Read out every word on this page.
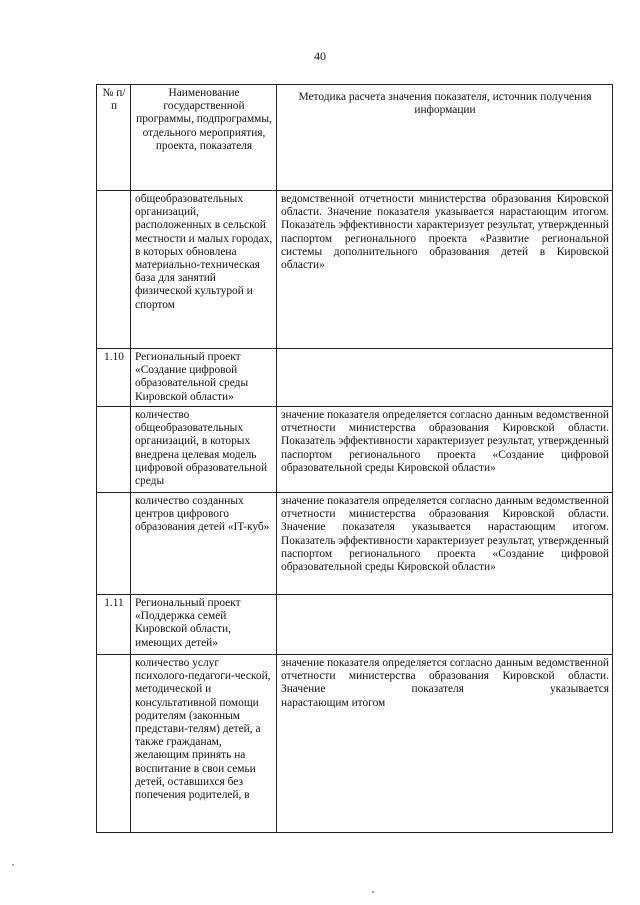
40
№ п/п	Наименование государственной программы, подпрограммы, отдельного мероприятия, проекта, показателя	Методика расчета значения показателя, источник получения информации
	общеобразовательных организаций, расположенных в сельской местности и малых городах, в которых обновлена материально-техническая база для занятий физической культурой и спортом	ведомственной отчетности министерства образования Кировской области. Значение показателя указывается нарастающим итогом. Показатель эффективности характеризует результат, утвержденный паспортом регионального проекта «Развитие региональной системы дополнительного образования детей в Кировской
области»

1.10	Региональный проект «Создание цифровой образовательной среды Кировской области»	

	количество общеобразовательных организаций, в которых внедрена целевая модель цифровой образовательной среды	значение показателя определяется согласно данным ведомственной отчетности министерства образования Кировской области. Показатель эффективности характеризует результат, утвержденный паспортом регионального проекта «Создание цифровой
образовательной среды Кировской области»

	количество созданных центров цифрового образования детей «IT-куб»	значение показателя определяется согласно данным ведомственной отчетности министерства образования Кировской области. Значение показателя указывается нарастающим итогом. Показатель эффективности характеризует результат, утвержденный паспортом регионального проекта «Создание цифровой
образовательной среды Кировской области»

1.11	Региональный проект «Поддержка семей Кировской области, имеющих детей»	

	количество услуг психолого-педагоги-ческой, методической и консультативной помощи родителям (законным представи-телям) детей, а также гражданам, желающим принять на воспитание в свои семьи детей, оставшихся без попечения родителей, в	значение показателя определяется согласно данным ведомственной отчетности министерства образования Кировской области. Значение показателя указывается
нарастающим итогом
